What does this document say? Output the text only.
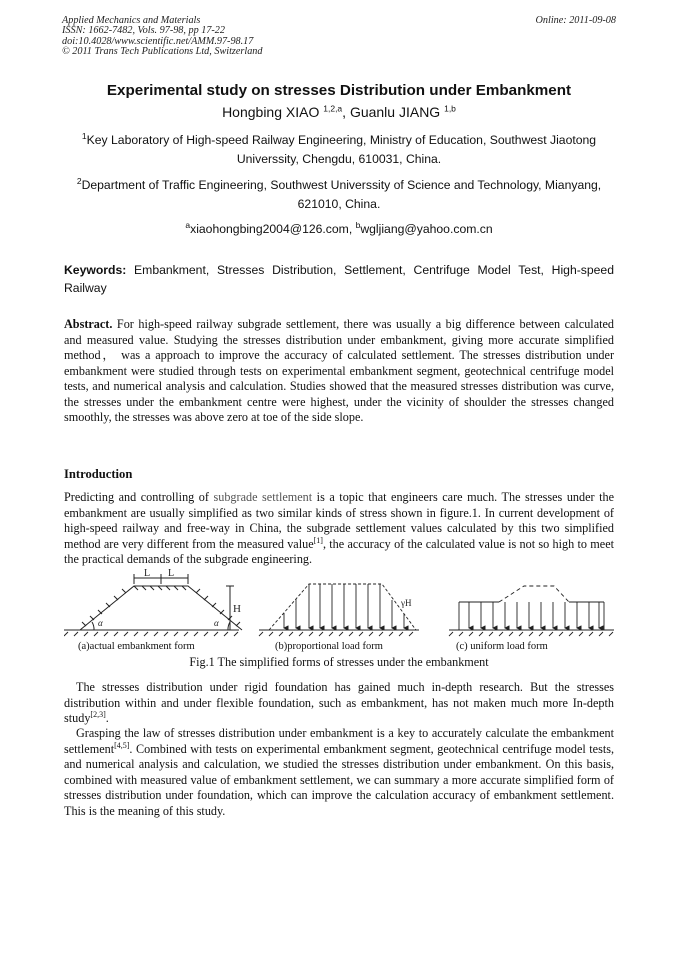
Applied Mechanics and Materials
ISSN: 1662-7482, Vols. 97-98, pp 17-22
doi:10.4028/www.scientific.net/AMM.97-98.17
© 2011 Trans Tech Publications Ltd, Switzerland
Online: 2011-09-08
Experimental study on stresses Distribution under Embankment
Hongbing XIAO $^{1,2,a}$, Guanlu JIANG $^{1,b}$
$^1$Key Laboratory of High-speed Railway Engineering, Ministry of Education, Southwest Jiaotong Universsity, Chengdu, 610031, China.
$^2$Department of Traffic Engineering, Southwest Universsity of Science and Technology, Mianyang, 621010, China.
$^a$xiaohongbing2004@126.com, $^b$wgljiang@yahoo.com.cn
Keywords: Embankment, Stresses Distribution, Settlement, Centrifuge Model Test, High-speed Railway

Abstract. For high-speed railway subgrade settlement, there was usually a big difference between calculated and measured value. Studying the stresses distribution under embankment, giving more accurate simplified method， was a approach to improve the accuracy of calculated settlement. The stresses distribution under embankment were studied through tests on experimental embankment segment, geotechnical centrifuge model tests, and numerical analysis and calculation. Studies showed that the measured stresses distribution was curve, the stresses under the embankment centre were highest, under the vicinity of shoulder the stresses changed smoothly, the stresses was above zero at toe of the side slope.

Introduction

Predicting and controlling of subgrade settlement is a topic that engineers care much. The stresses under the embankment are usually simplified as two similar kinds of stress shown in figure.1. In current development of high-speed railway and free-way in China, the subgrade settlement values calculated by this two simplified method are very different from the measured value[1], the accuracy of the calculated value is not so high to meet the practical demands of the subgrade engineering.

L L
H
α	α
γH
(a)actual embankment form	(b)proportional load form	(c) uniform load form
Fig.1 The simplified forms of stresses under the embankment

The stresses distribution under rigid foundation has gained much in-depth research. But the stresses distribution within and under flexible foundation, such as embankment, has not maken much more In-depth study[2,3].

Grasping the law of stresses distribution under embankment is a key to accurately calculate the embankment settlement[4,5]. Combined with tests on experimental embankment segment, geotechnical centrifuge model tests, and numerical analysis and calculation, we studied the stresses distribution under embankment. On this basis, combined with measured value of embankment settlement, we can summary a more accurate simplified form of stresses distribution under foundation, which can improve the calculation accuracy of embankment settlement. This is the meaning of this study.
